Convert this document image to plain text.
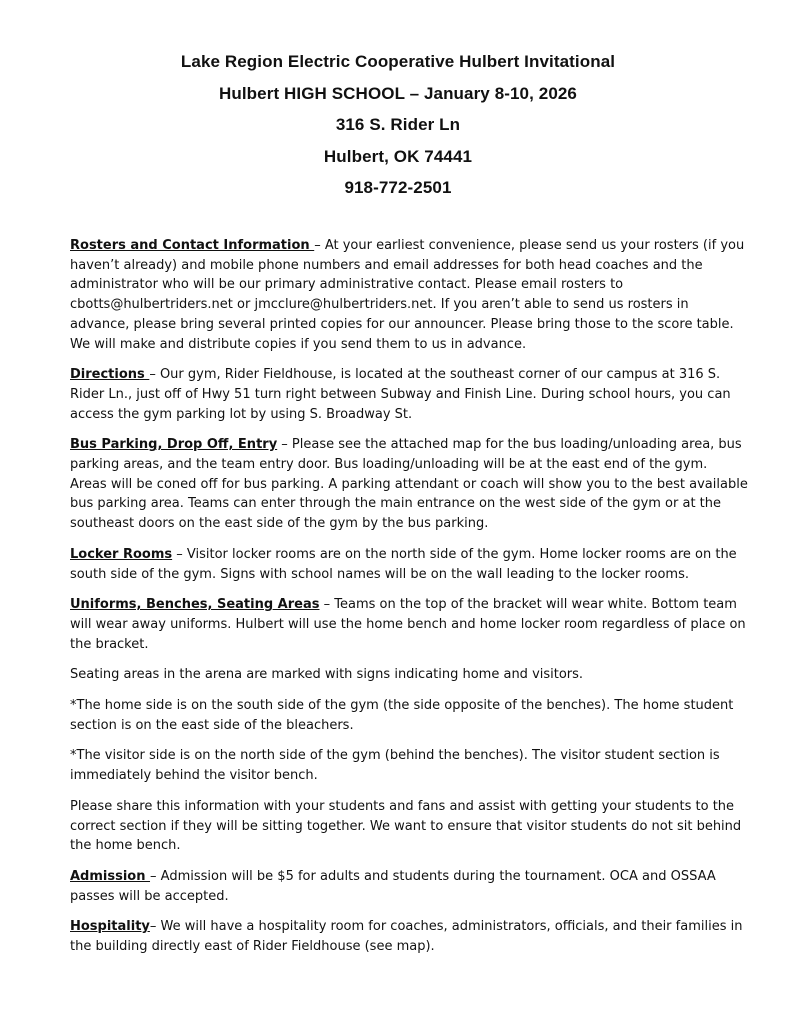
Lake Region Electric Cooperative Hulbert Invitational
Hulbert HIGH SCHOOL – January 8-10, 2026
316 S. Rider Ln
Hulbert, OK 74441
918-772-2501

Rosters and Contact Information – At your earliest convenience, please send us your rosters (if you haven’t already) and mobile phone numbers and email addresses for both head coaches and the administrator who will be our primary administrative contact. Please email rosters to cbotts@hulbertriders.net or jmcclure@hulbertriders.net. If you aren’t able to send us rosters in advance, please bring several printed copies for our announcer. Please bring those to the score table. We will make and distribute copies if you send them to us in advance.

Directions – Our gym, Rider Fieldhouse, is located at the southeast corner of our campus at 316 S. Rider Ln., just off of Hwy 51 turn right between Subway and Finish Line. During school hours, you can access the gym parking lot by using S. Broadway St.

Bus Parking, Drop Off, Entry – Please see the attached map for the bus loading/unloading area, bus parking areas, and the team entry door. Bus loading/unloading will be at the east end of the gym. Areas will be coned off for bus parking. A parking attendant or coach will show you to the best available bus parking area. Teams can enter through the main entrance on the west side of the gym or at the southeast doors on the east side of the gym by the bus parking.

Locker Rooms – Visitor locker rooms are on the north side of the gym. Home locker rooms are on the south side of the gym. Signs with school names will be on the wall leading to the locker rooms.

Uniforms, Benches, Seating Areas – Teams on the top of the bracket will wear white. Bottom team will wear away uniforms. Hulbert will use the home bench and home locker room regardless of place on the bracket.

Seating areas in the arena are marked with signs indicating home and visitors.

*The home side is on the south side of the gym (the side opposite of the benches). The home student section is on the east side of the bleachers.

*The visitor side is on the north side of the gym (behind the benches). The visitor student section is immediately behind the visitor bench.

Please share this information with your students and fans and assist with getting your students to the correct section if they will be sitting together. We want to ensure that visitor students do not sit behind the home bench.

Admission – Admission will be $5 for adults and students during the tournament. OCA and OSSAA passes will be accepted.

Hospitality– We will have a hospitality room for coaches, administrators, officials, and their families in the building directly east of Rider Fieldhouse (see map).
